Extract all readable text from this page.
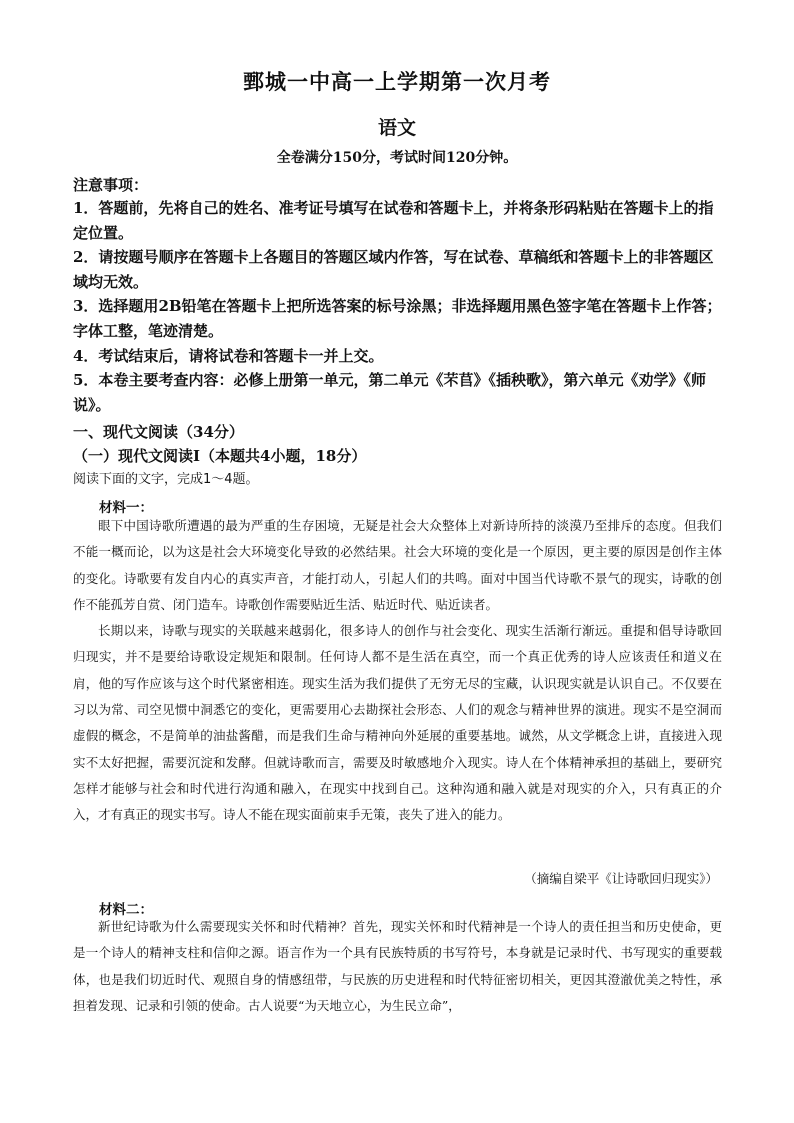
鄄城一中高一上学期第一次月考
语文
全卷满分150分，考试时间120分钟。
注意事项：

1．答题前，先将自己的姓名、准考证号填写在试卷和答题卡上，并将条形码粘贴在答题卡上的指定位置。

2．请按题号顺序在答题卡上各题目的答题区域内作答，写在试卷、草稿纸和答题卡上的非答题区域均无效。

3．选择题用2B铅笔在答题卡上把所选答案的标号涂黑；非选择题用黑色签字笔在答题卡上作答；字体工整，笔迹清楚。

4．考试结束后，请将试卷和答题卡一并上交。

5．本卷主要考查内容：必修上册第一单元，第二单元《芣苢》《插秧歌》，第六单元《劝学》《师说》。

一、现代文阅读（34分）
（一）现代文阅读Ⅰ（本题共4小题，18分）
阅读下面的文字，完成1～4题。
材料一：

眼下中国诗歌所遭遇的最为严重的生存困境，无疑是社会大众整体上对新诗所持的淡漠乃至排斥的态度。但我们不能一概而论，以为这是社会大环境变化导致的必然结果。社会大环境的变化是一个原因，更主要的原因是创作主体的变化。诗歌要有发自内心的真实声音，才能打动人，引起人们的共鸣。面对中国当代诗歌不景气的现实，诗歌的创作不能孤芳自赏、闭门造车。诗歌创作需要贴近生活、贴近时代、贴近读者。

长期以来，诗歌与现实的关联越来越弱化，很多诗人的创作与社会变化、现实生活渐行渐远。重提和倡导诗歌回归现实，并不是要给诗歌设定规矩和限制。任何诗人都不是生活在真空，而一个真正优秀的诗人应该责任和道义在肩，他的写作应该与这个时代紧密相连。现实生活为我们提供了无穷无尽的宝藏，认识现实就是认识自己。不仅要在习以为常、司空见惯中洞悉它的变化，更需要用心去勘探社会形态、人们的观念与精神世界的演进。现实不是空洞而虚假的概念，不是简单的油盐酱醋，而是我们生命与精神向外延展的重要基地。诚然，从文学概念上讲，直接进入现实不太好把握，需要沉淀和发酵。但就诗歌而言，需要及时敏感地介入现实。诗人在个体精神承担的基础上，要研究怎样才能够与社会和时代进行沟通和融入，在现实中找到自己。这种沟通和融入就是对现实的介入，只有真正的介入，才有真正的现实书写。诗人不能在现实面前束手无策，丧失了进入的能力。

（摘编自梁平《让诗歌回归现实》）
材料二：

新世纪诗歌为什么需要现实关怀和时代精神？首先，现实关怀和时代精神是一个诗人的责任担当和历史使命，更是一个诗人的精神支柱和信仰之源。语言作为一个具有民族特质的书写符号，本身就是记录时代、书写现实的重要载体，也是我们切近时代、观照自身的情感纽带，与民族的历史进程和时代特征密切相关，更因其澄澈优美之特性，承担着发现、记录和引领的使命。古人说要“为天地立心，为生民立命”，
